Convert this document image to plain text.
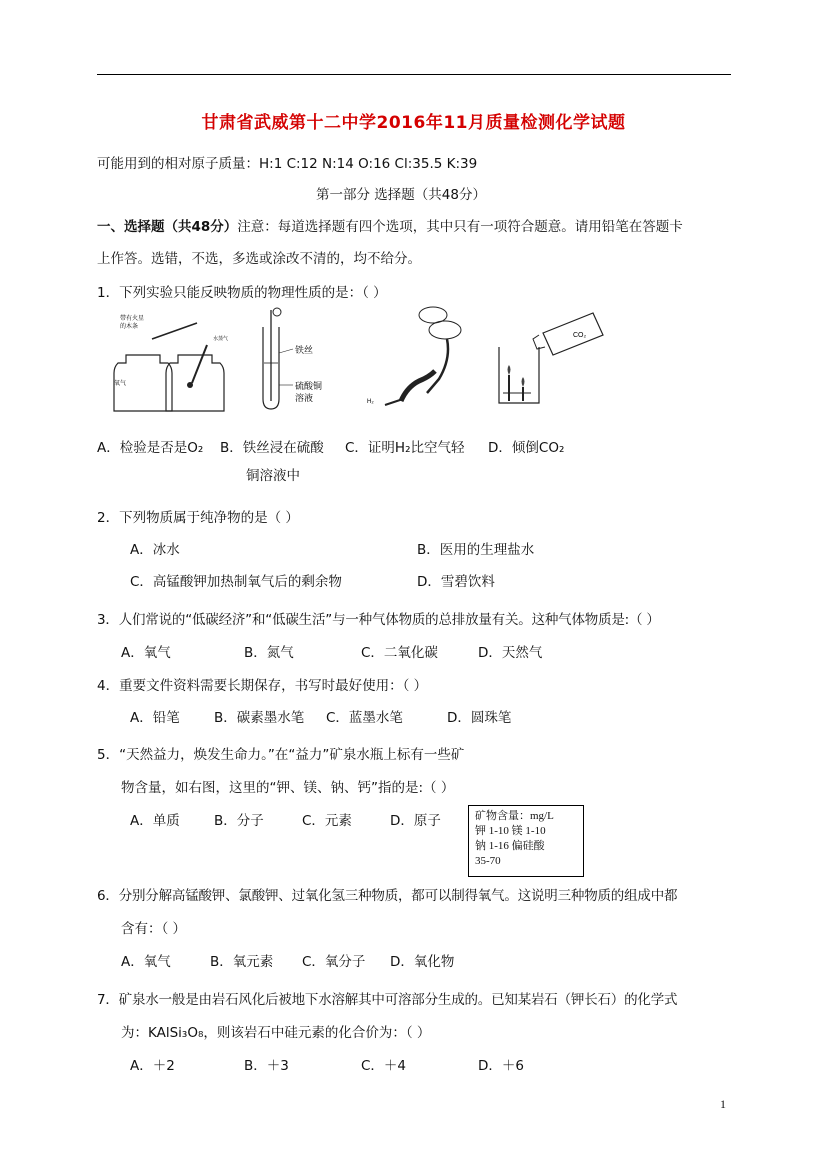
甘肃省武威第十二中学2016年11月质量检测化学试题
可能用到的相对原子质量：H:1 C:12 N:14 O:16 Cl:35.5 K:39
第一部分 选择题（共48分）
一、选择题（共48分）注意：每道选择题有四个选项，其中只有一项符合题意。请用铅笔在答题卡
上作答。选错，不选，多选或涂改不清的，均不给分。
1．下列实验只能反映物质的物理性质的是：（ ）
带有火星
的木条
氧气
水蒸气
铁丝
硫酸铜
溶液	H₂
CO₂
A．检验是否是O₂ B．铁丝浸在硫酸
铜溶液中
C．证明H₂比空气轻 D．倾倒CO₂
2．下列物质属于纯净物的是（ ）
A．冰水	B．医用的生理盐水
C．高锰酸钾加热制氧气后的剩余物	D．雪碧饮料
3．人们常说的“低碳经济”和“低碳生活”与一种气体物质的总排放量有关。这种气体物质是:（ ）
A．氧气	B．氮气	C．二氧化碳	D．天然气
4．重要文件资料需要长期保存，书写时最好使用：（ ）
A．铅笔	B．碳素墨水笔 C．蓝墨水笔	D．圆珠笔
5．“天然益力，焕发生命力。”在“益力”矿泉水瓶上标有一些矿
物含量，如右图，这里的“钾、镁、钠、钙”指的是:（ ）
A．单质	B．分子	C．元素	D．原子	矿物含量：mg/L
钾 1-10 镁 1-10
钠 1-16 偏硅酸
35-70
6．分别分解高锰酸钾、氯酸钾、过氧化氢三种物质，都可以制得氧气。这说明三种物质的组成中都
含有：（ ）
A．氧气	B．氧元素 C．氧分子 D．氧化物
7．矿泉水一般是由岩石风化后被地下水溶解其中可溶部分生成的。已知某岩石（钾长石）的化学式
为：KAlSi₃O₈，则该岩石中硅元素的化合价为：（ ）
A．＋2	B．＋3	C．＋4	D．＋6
1
